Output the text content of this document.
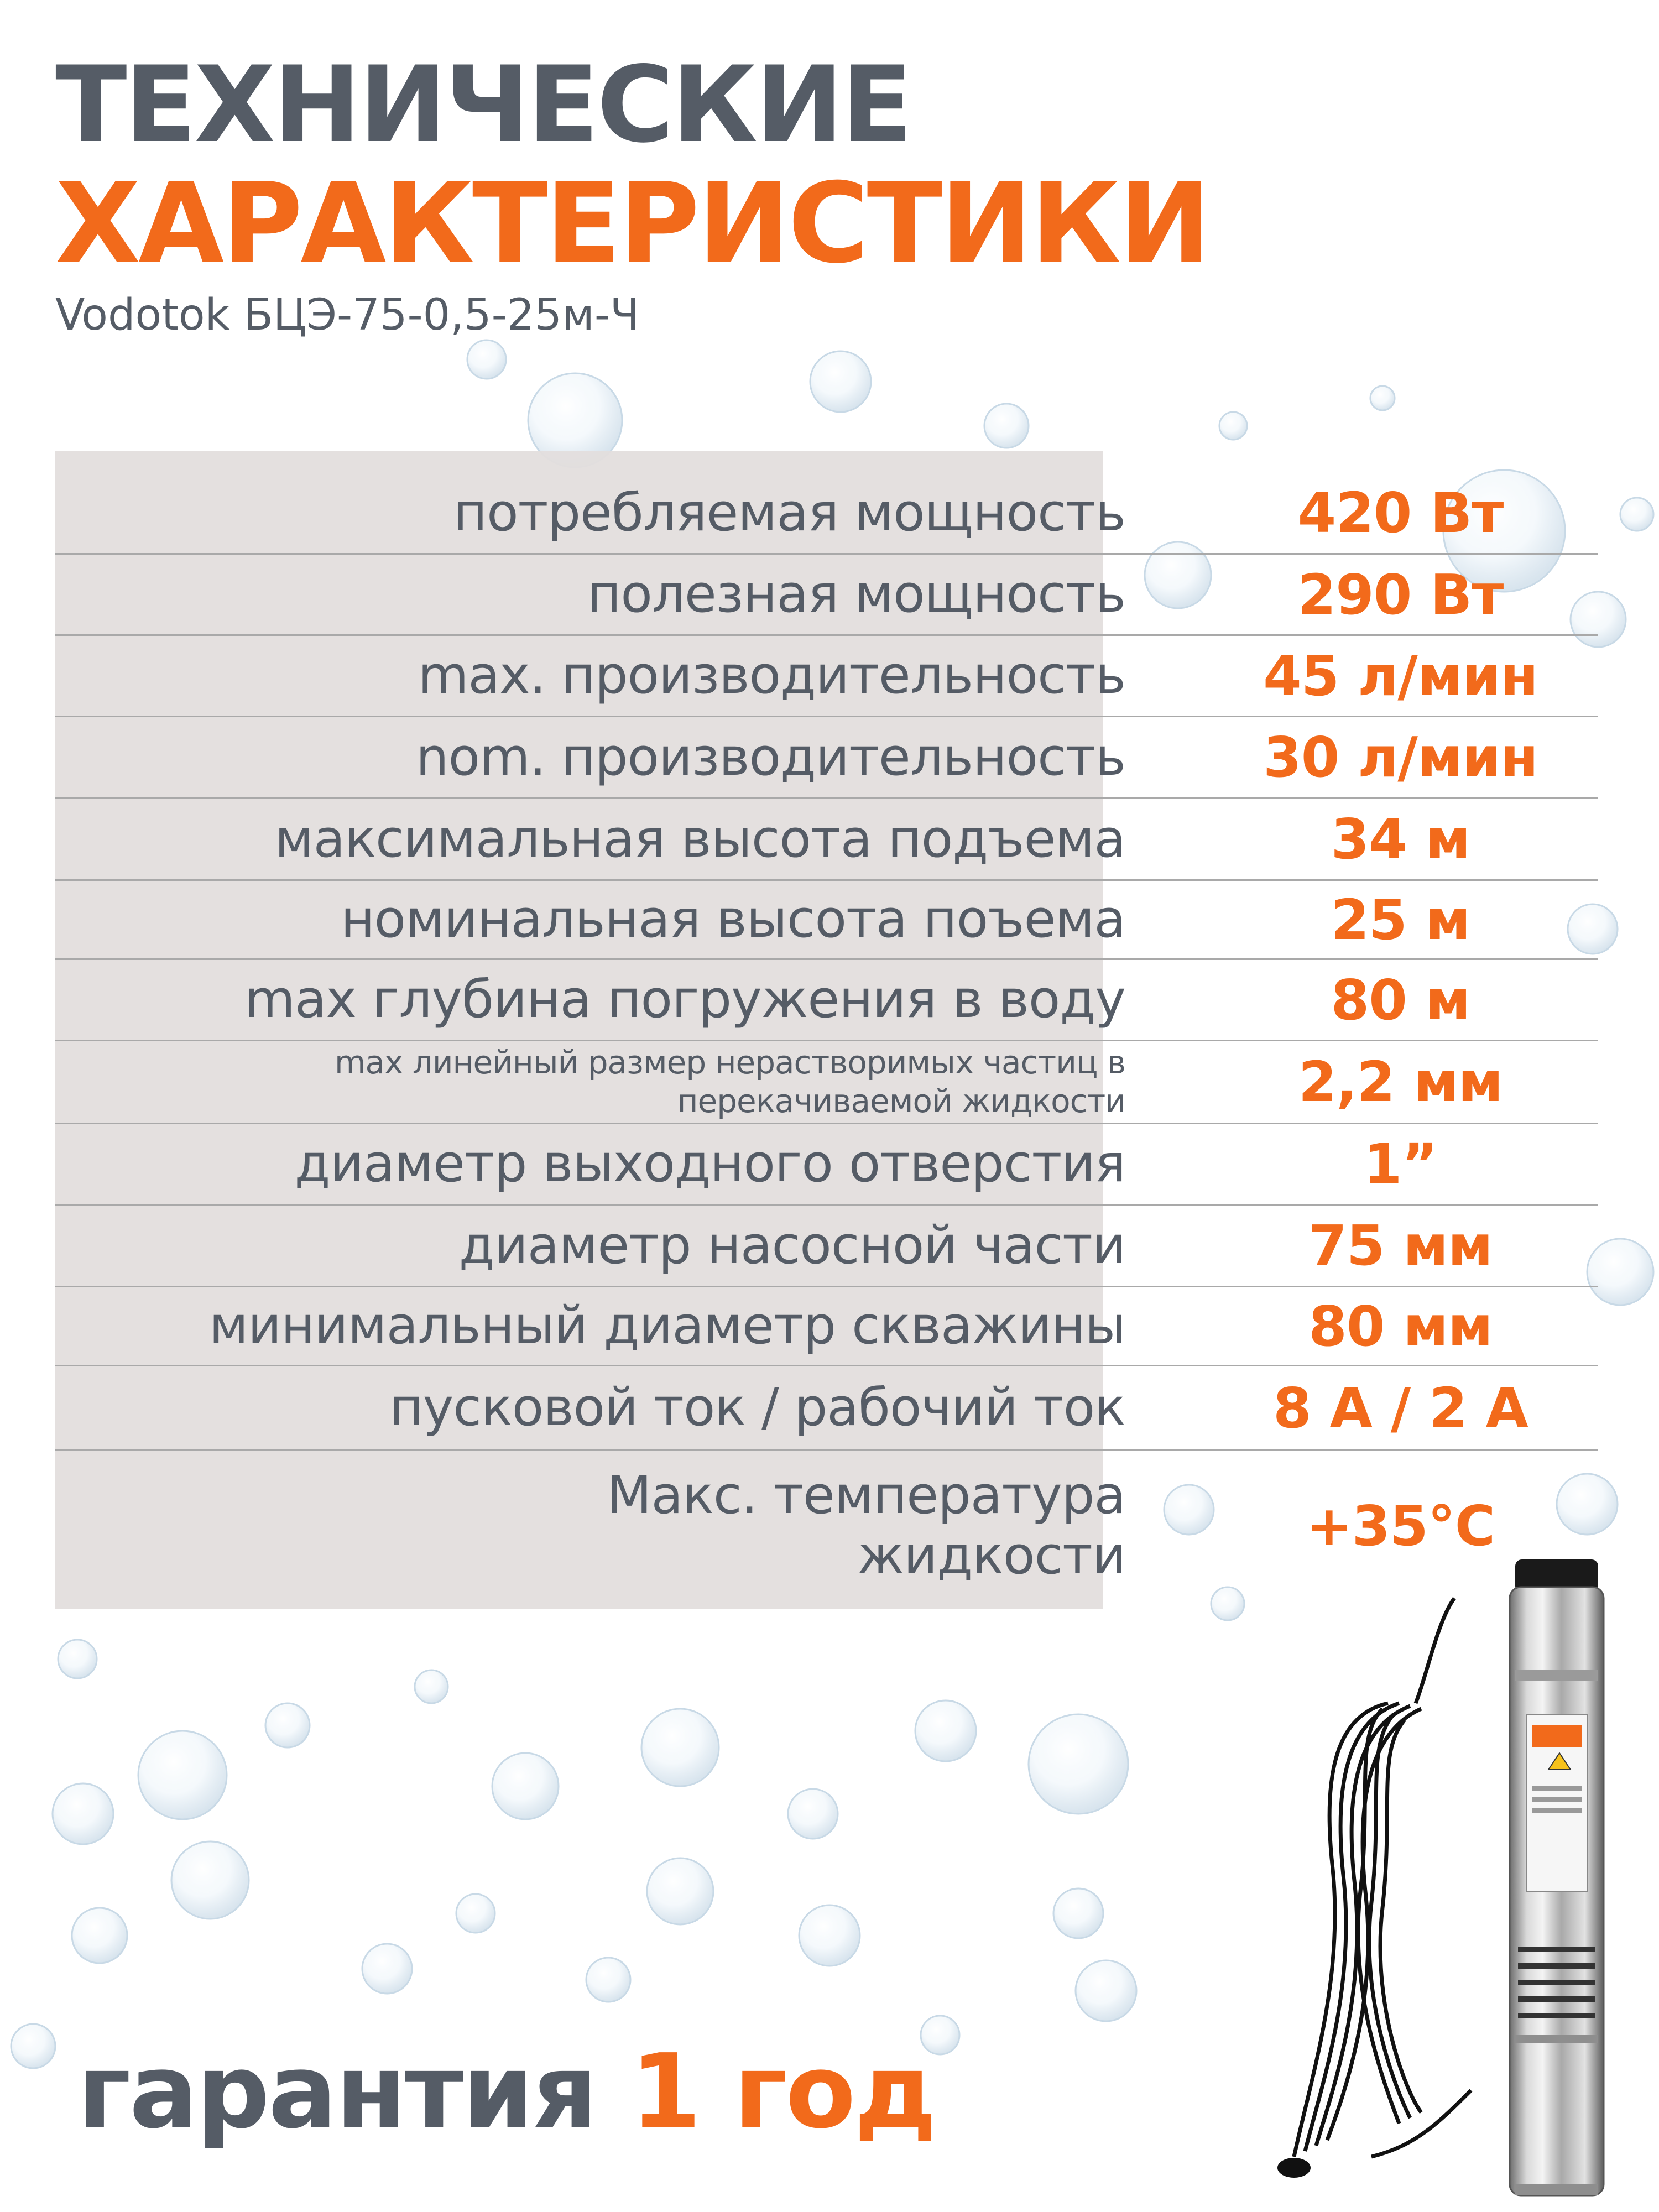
ТЕХНИЧЕСКИЕ
ХАРАКТЕРИСТИКИ

Vodotok БЦЭ-75-0,5-25м-Ч

потребляемая мощность	420 Вт
полезная мощность	290 Вт
max. производительность	45 л/мин
nom. производительность	30 л/мин
максимальная высота подъема	34 м
номинальная высота поъема	25 м
max глубина погружения в воду	80 м
max линейный размер нерастворимых частиц в
перекачиваемой жидкости	2,2 мм
диаметр выходного отверстия	1”
диаметр насосной части	75 мм
минимальный диаметр скважины	80 мм
пусковой ток / рабочий ток	8 А / 2 А
Макс. температура
жидкости	+35°С

гарантия 1 год
